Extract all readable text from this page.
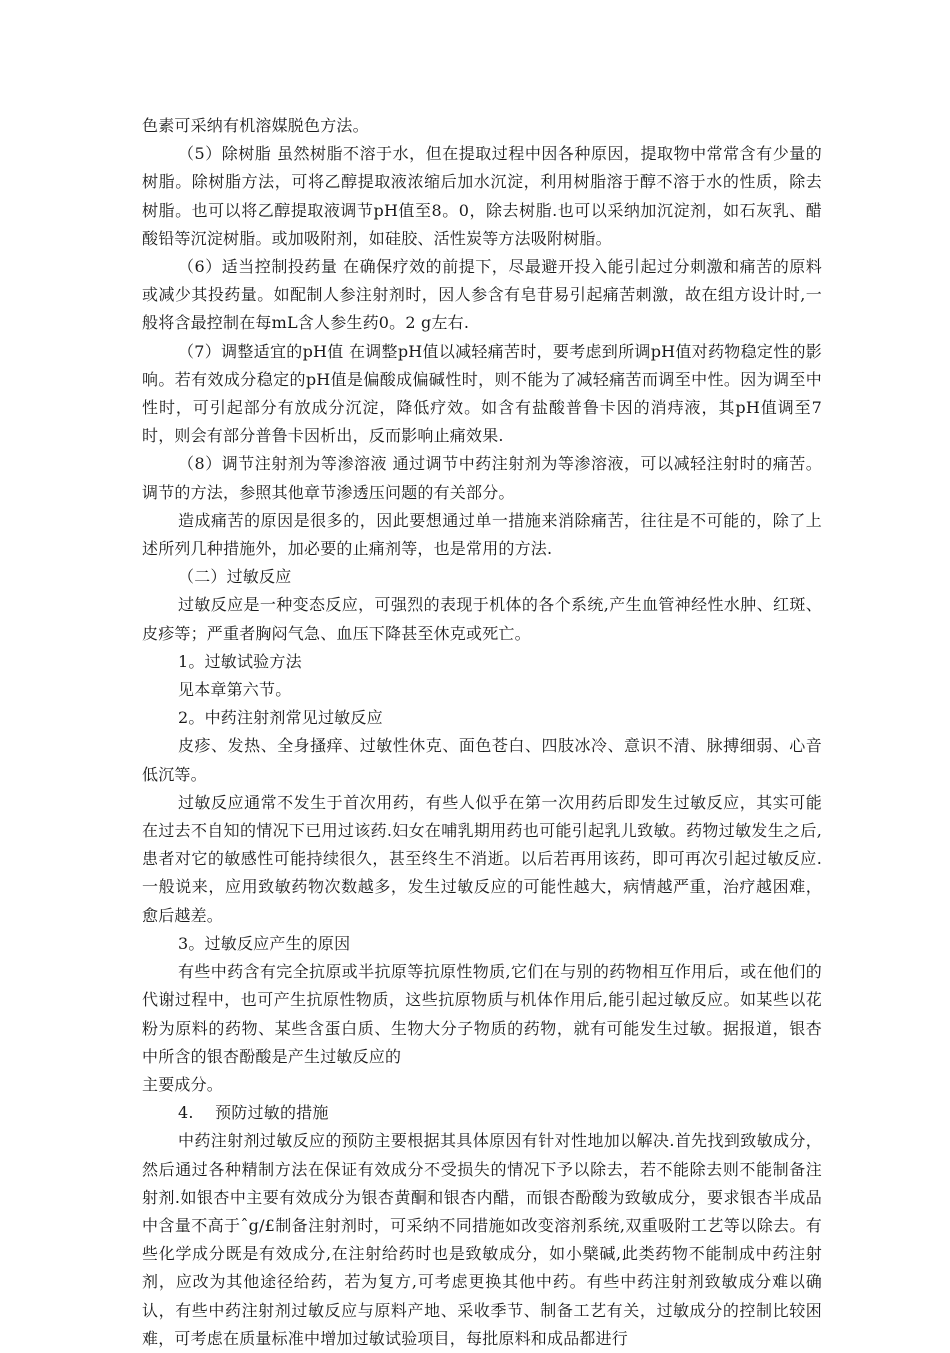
色素可采纳有机溶媒脱色方法。

（5）除树脂 虽然树脂不溶于水，但在提取过程中因各种原因，提取物中常常含有少量的树脂。除树脂方法，可将乙醇提取液浓缩后加水沉淀，利用树脂溶于醇不溶于水的性质，除去树脂。也可以将乙醇提取液调节pH值至8。0，除去树脂.也可以采纳加沉淀剂，如石灰乳、醋酸铅等沉淀树脂。或加吸附剂，如硅胶、活性炭等方法吸附树脂。

（6）适当控制投药量 在确保疗效的前提下，尽最避开投入能引起过分刺激和痛苦的原料或减少其投药量。如配制人参注射剂时，因人参含有皂苷易引起痛苦刺激，故在组方设计时,一般将含最控制在每mL含人参生药0。2 g左右.

（7）调整适宜的pH值 在调整pH值以减轻痛苦时，要考虑到所调pH值对药物稳定性的影响。若有效成分稳定的pH值是偏酸成偏碱性时，则不能为了减轻痛苦而调至中性。因为调至中性时，可引起部分有放成分沉淀，降低疗效。如含有盐酸普鲁卡因的消痔液，其pH值调至7时，则会有部分普鲁卡因析出，反而影响止痛效果.

（8）调节注射剂为等渗溶液 通过调节中药注射剂为等渗溶液，可以减轻注射时的痛苦。调节的方法，参照其他章节渗透压问题的有关部分。

造成痛苦的原因是很多的，因此要想通过单一措施来消除痛苦，往往是不可能的，除了上述所列几种措施外，加必要的止痛剂等，也是常用的方法.

（二）过敏反应

过敏反应是一种变态反应，可强烈的表现于机体的各个系统,产生血管神经性水肿、红斑、皮疹等；严重者胸闷气急、血压下降甚至休克或死亡。

1。过敏试验方法

见本章第六节。

2。中药注射剂常见过敏反应

皮疹、发热、全身搔痒、过敏性休克、面色苍白、四肢冰冷、意识不清、脉搏细弱、心音低沉等。

过敏反应通常不发生于首次用药，有些人似乎在第一次用药后即发生过敏反应，其实可能在过去不自知的情况下已用过该药.妇女在哺乳期用药也可能引起乳儿致敏。药物过敏发生之后,患者对它的敏感性可能持续很久，甚至终生不消逝。以后若再用该药，即可再次引起过敏反应.一般说来，应用致敏药物次数越多，发生过敏反应的可能性越大，病情越严重，治疗越困难，愈后越差。

3。过敏反应产生的原因

有些中药含有完全抗原或半抗原等抗原性物质,它们在与别的药物相互作用后，或在他们的代谢过程中，也可产生抗原性物质，这些抗原物质与机体作用后,能引起过敏反应。如某些以花粉为原料的药物、某些含蛋白质、生物大分子物质的药物，就有可能发生过敏。据报道，银杏中所含的银杏酚酸是产生过敏反应的

主要成分。

4.　 预防过敏的措施

中药注射剂过敏反应的预防主要根据其具体原因有针对性地加以解决.首先找到致敏成分，然后通过各种精制方法在保证有效成分不受损失的情况下予以除去，若不能除去则不能制备注射剂.如银杏中主要有效成分为银杏黄酮和银杏内醋，而银杏酚酸为致敏成分，要求银杏半成品中含量不高于ˆg/£制备注射剂时，可采纳不同措施如改变溶剂系统,双重吸附工艺等以除去。有些化学成分既是有效成分,在注射给药时也是致敏成分，如小檗碱,此类药物不能制成中药注射剂，应改为其他途径给药，若为复方,可考虑更换其他中药。有些中药注射剂致敏成分难以确认，有些中药注射剂过敏反应与原料产地、采收季节、制备工艺有关，过敏成分的控制比较困难，可考虑在质量标准中增加过敏试验项目，每批原料和成品都进行
